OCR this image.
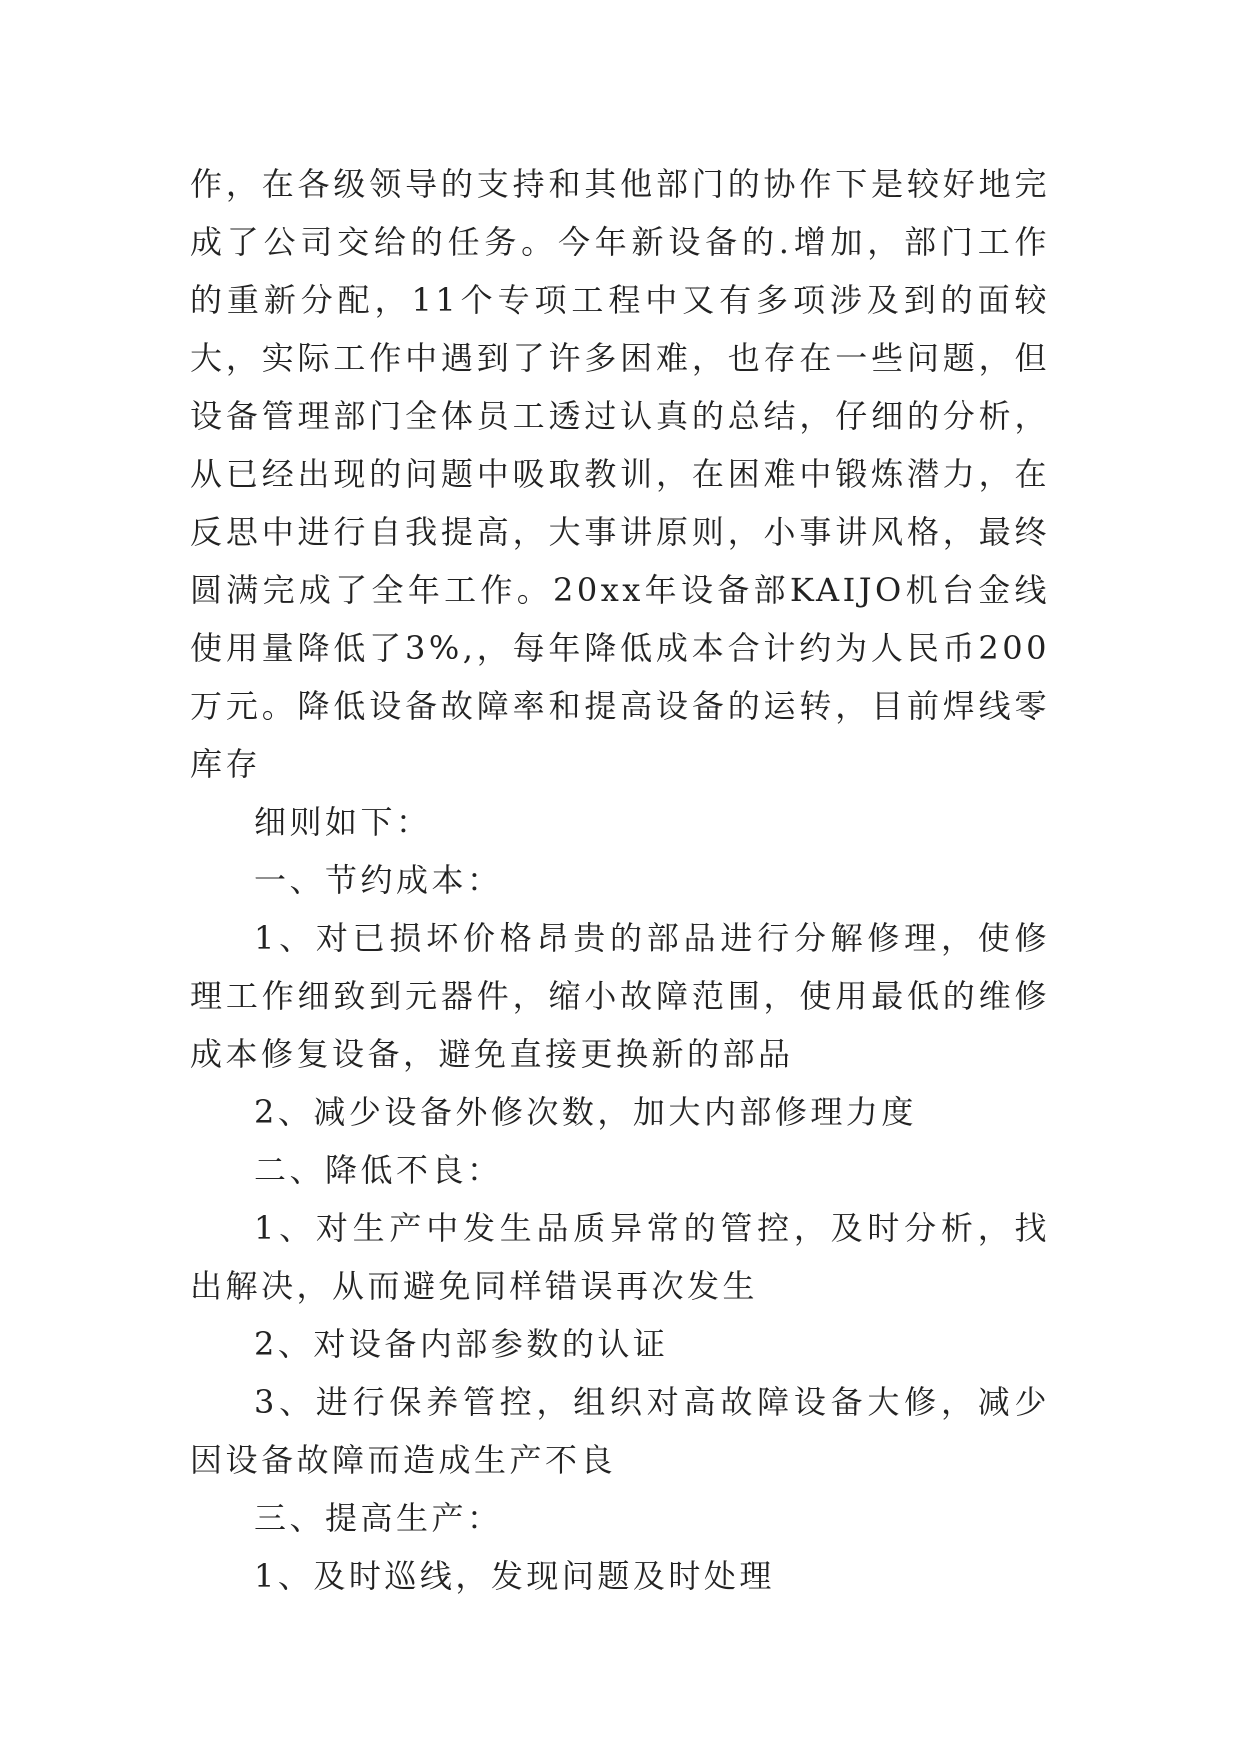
作，在各级领导的支持和其他部门的协作下是较好地完成了公司交给的任务。今年新设备的.增加，部门工作的重新分配，11个专项工程中又有多项涉及到的面较大，实际工作中遇到了许多困难，也存在一些问题，但设备管理部门全体员工透过认真的总结，仔细的分析，从已经出现的问题中吸取教训，在困难中锻炼潜力，在反思中进行自我提高，大事讲原则，小事讲风格，最终圆满完成了全年工作。20xx年设备部KAIJO机台金线使用量降低了3%,，每年降低成本合计约为人民币200万元。降低设备故障率和提高设备的运转，目前焊线零库存

细则如下：

一、节约成本：

1、对已损坏价格昂贵的部品进行分解修理，使修理工作细致到元器件，缩小故障范围，使用最低的维修成本修复设备，避免直接更换新的部品

2、减少设备外修次数，加大内部修理力度

二、降低不良：

1、对生产中发生品质异常的管控，及时分析，找出解决，从而避免同样错误再次发生

2、对设备内部参数的认证

3、进行保养管控，组织对高故障设备大修，减少因设备故障而造成生产不良

三、提高生产：

1、及时巡线，发现问题及时处理
